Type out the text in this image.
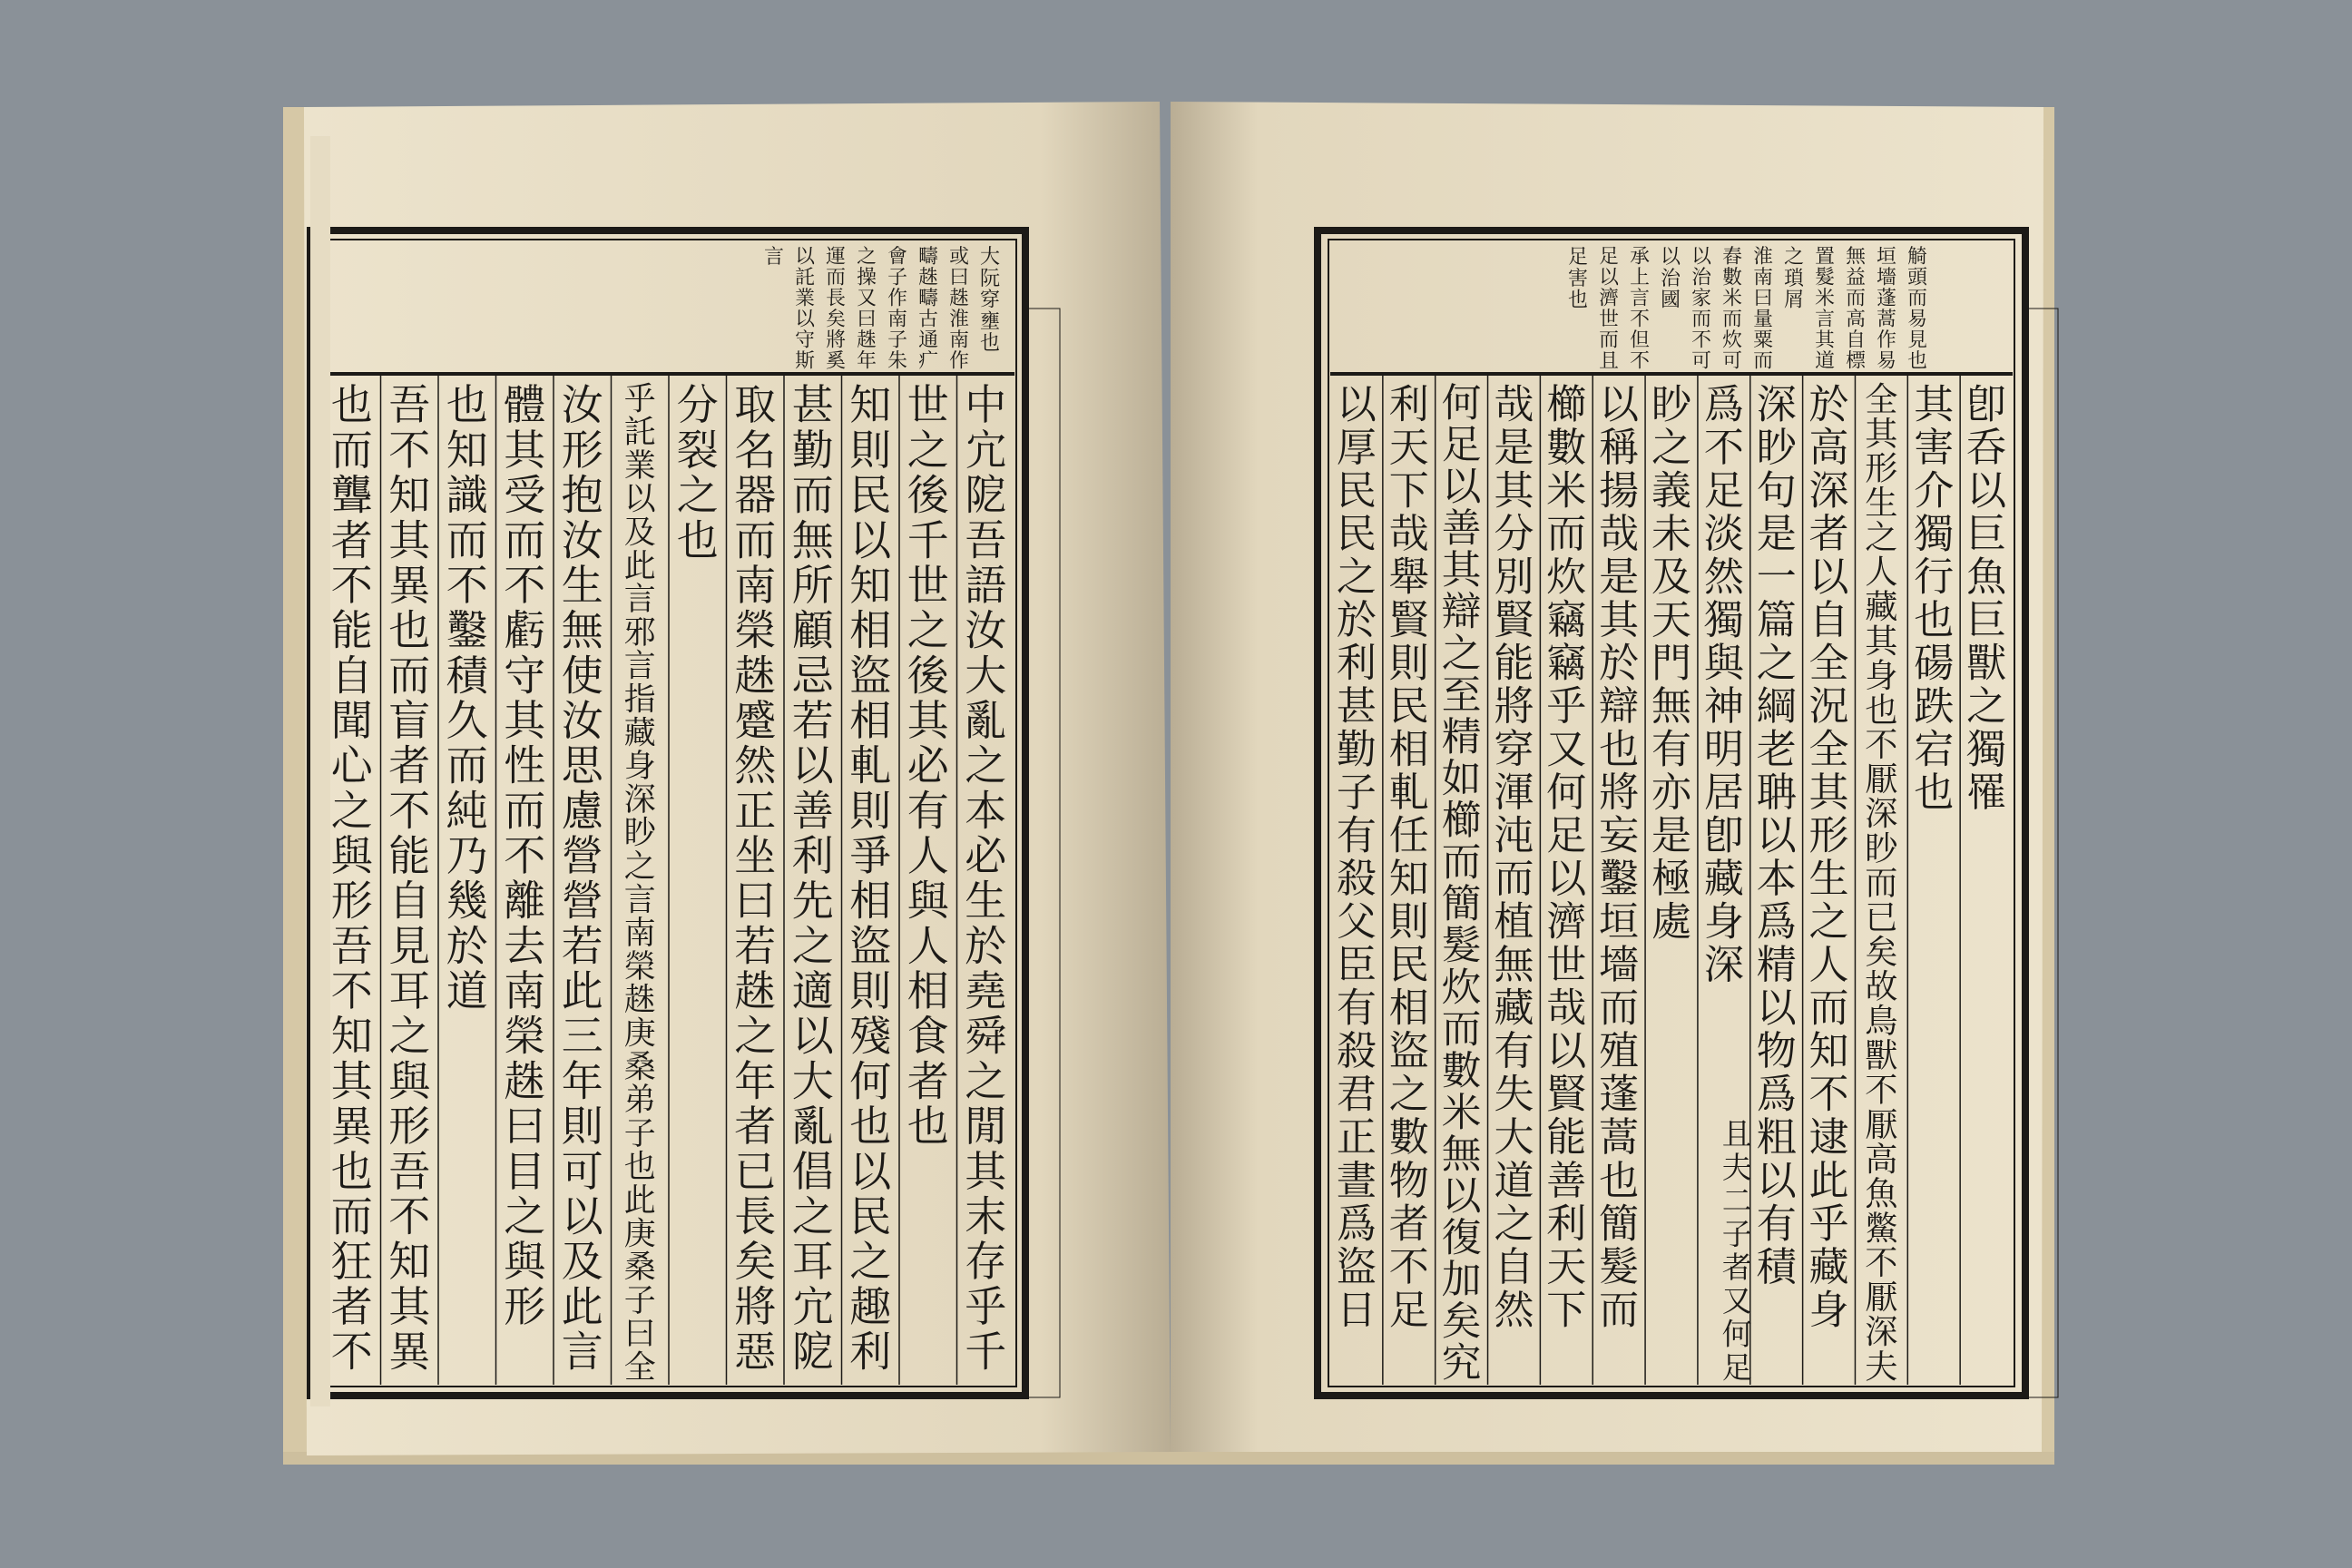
大
阮
穿
壅
也
或
曰
趎
淮
南
作
疇
趎
疇
古
通
疒
會
子
作
南
子
朱
之
操
又
曰
趎
年
運
而
長
矣
將
奚
以
託
業
以
守
斯
言
中
宂
阸
吾
語
汝
大
亂
之
本
必
生
於
堯
舜
之
閒
其
末
存
乎
千
世
之
後
千
世
之
後
其
必
有
人
與
人
相
食
者
也
知
則
民
以
知
相
盜
相
軋
則
爭
相
盜
則
殘
何
也
以
民
之
趣
利
甚
勤
而
無
所
顧
忌
若
以
善
利
先
之
適
以
大
亂
倡
之
耳
宂
阸
取
名
器
而
南
榮
趎
蹙
然
正
坐
曰
若
趎
之
年
者
已
長
矣
將
惡
分
裂
之
也
乎
託
業
以
及
此
言
邪
言
指
藏
身
深
眇
之
言
南
榮
趎
庚
桑
弟
子
也
此
庚
桑
子
曰
全
汝
形
抱
汝
生
無
使
汝
思
慮
營
營
若
此
三
年
則
可
以
及
此
言
體
其
受
而
不
虧
守
其
性
而
不
離
去
南
榮
趎
曰
目
之
與
形
也
知
識
而
不
鑿
積
久
而
純
乃
幾
於
道
吾
不
知
其
異
也
而
盲
者
不
能
自
見
耳
之
與
形
吾
不
知
其
異
也
而
聾
者
不
能
自
聞
心
之
與
形
吾
不
知
其
異
也
而
狂
者
不
觭
頭
而
易
見
也
垣
墻
蓬
蒿
作
易
無
益
而
高
自
標
置
髮
米
言
其
道
之
瑣
屑
淮
南
曰
量
粟
而
舂
數
米
而
炊
可
以
治
家
而
不
可
以
治
國
承
上
言
不
但
不
足
以
濟
世
而
且
足
害
也
卽
呑
以
巨
魚
巨
獸
之
獨
罹
其
害
介
獨
行
也
碭
跌
宕
也
全
其
形
生
之
人
藏
其
身
也
不
厭
深
眇
而
已
矣
故
鳥
獸
不
厭
高
魚
鱉
不
厭
深
夫
於
高
深
者
以
自
全
況
全
其
形
生
之
人
而
知
不
逮
此
乎
藏
身
深
眇
句
是
一
篇
之
綱
老
聃
以
本
爲
精
以
物
爲
粗
以
有
積
爲
不
足
淡
然
獨
與
神
明
居
卽
藏
身
深
眇
之
義
未
及
天
門
無
有
亦
是
極
處
以
稱
揚
哉
是
其
於
辯
也
將
妄
鑿
垣
墻
而
殖
蓬
蒿
也
簡
髮
而
櫛
數
米
而
炊
竊
竊
乎
又
何
足
以
濟
世
哉
以
賢
能
善
利
天
下
哉
是
其
分
別
賢
能
將
穿
渾
沌
而
植
無
藏
有
失
大
道
之
自
然
何
足
以
善
其
辯
之
至
精
如
櫛
而
簡
髮
炊
而
數
米
無
以
復
加
矣
究
利
天
下
哉
舉
賢
則
民
相
軋
任
知
則
民
相
盜
之
數
物
者
不
足
以
厚
民
民
之
於
利
甚
勤
子
有
殺
父
臣
有
殺
君
正
晝
爲
盜
日
且
夫
二
子
者
又
何
足
